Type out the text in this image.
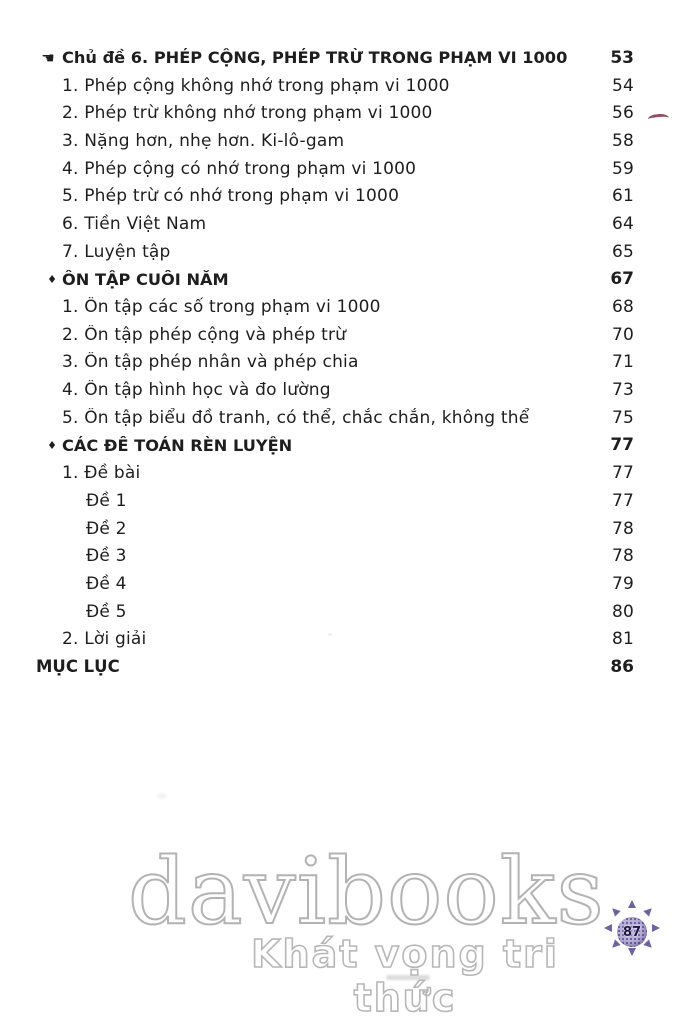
☚ Chủ đề 6. PHÉP CỘNG, PHÉP TRỪ TRONG PHẠM VI 1000	53
1. Phép cộng không nhớ trong phạm vi 1000	54
2. Phép trừ không nhớ trong phạm vi 1000	56
3. Nặng hơn, nhẹ hơn. Ki-lô-gam	58
4. Phép cộng có nhớ trong phạm vi 1000	59
5. Phép trừ có nhớ trong phạm vi 1000	61
6. Tiền Việt Nam	64
7. Luyện tập	65
♦ ÔN TẬP CUỐI NĂM	67
1. Ôn tập các số trong phạm vi 1000	68
2. Ôn tập phép cộng và phép trừ	70
3. Ôn tập phép nhân và phép chia	71
4. Ôn tập hình học và đo lường	73
5. Ôn tập biểu đồ tranh, có thể, chắc chắn, không thể	75
♦ CÁC ĐỀ TOÁN RÈN LUYỆN	77
1. Đề bài	77
Đề 1	77
Đề 2	78
Đề 3	78
Đề 4	79
Đề 5	80
2. Lời giải	81
MỤC LỤC	86
davibooks
Khát vọng tri thức
87
